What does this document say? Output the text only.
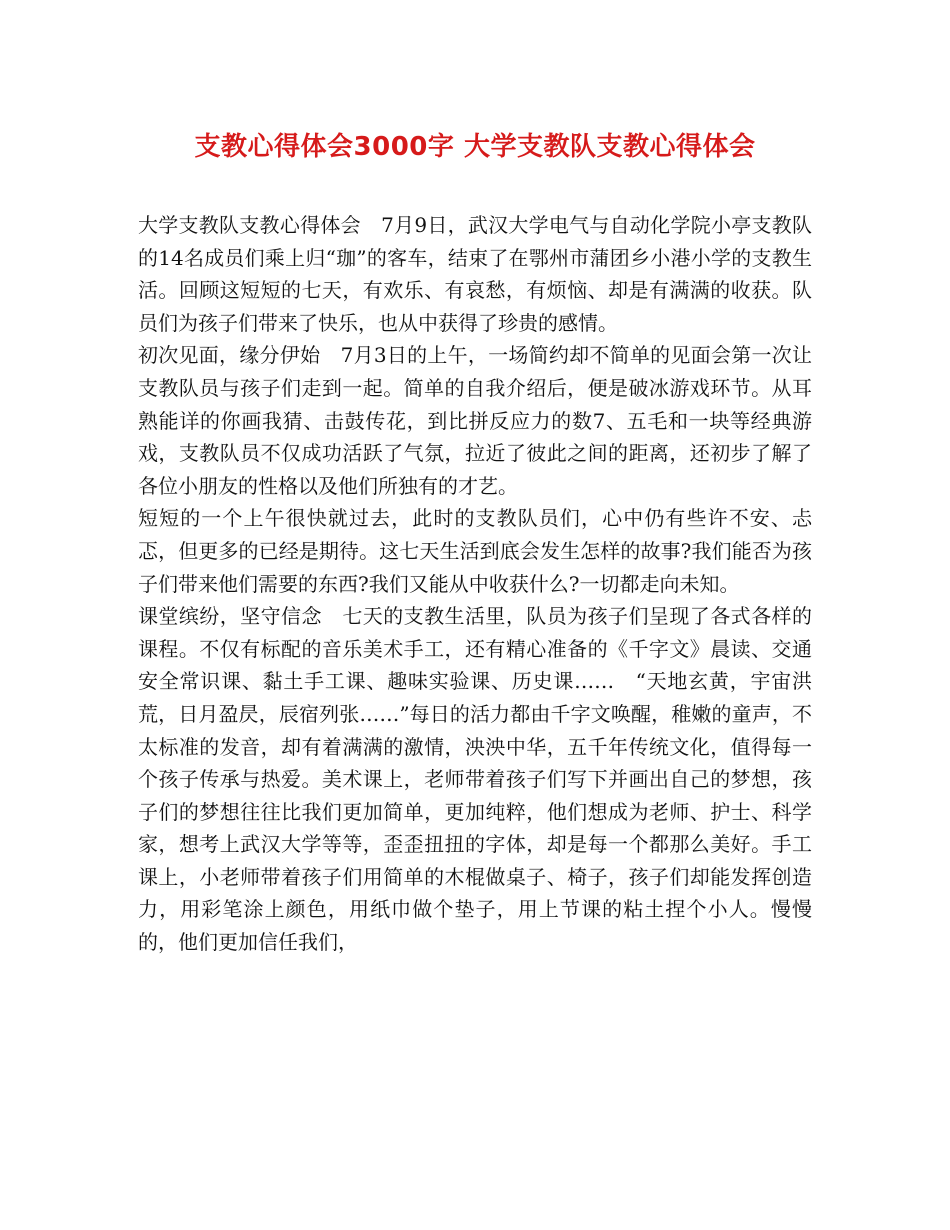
支教心得体会3000字 大学支教队支教心得体会

大学支教队支教心得体会　7月9日，武汉大学电气与自动化学院小亭支教队的14名成员们乘上归“珈”的客车，结束了在鄂州市蒲团乡小港小学的支教生活。回顾这短短的七天，有欢乐、有哀愁，有烦恼、却是有满满的收获。队员们为孩子们带来了快乐，也从中获得了珍贵的感情。

初次见面，缘分伊始　7月3日的上午，一场简约却不简单的见面会第一次让支教队员与孩子们走到一起。简单的自我介绍后，便是破冰游戏环节。从耳熟能详的你画我猜、击鼓传花，到比拼反应力的数7、五毛和一块等经典游戏，支教队员不仅成功活跃了气氛，拉近了彼此之间的距离，还初步了解了各位小朋友的性格以及他们所独有的才艺。

短短的一个上午很快就过去，此时的支教队员们，心中仍有些许不安、忐忑，但更多的已经是期待。这七天生活到底会发生怎样的故事?我们能否为孩子们带来他们需要的东西?我们又能从中收获什么?一切都走向未知。

课堂缤纷，坚守信念　七天的支教生活里，队员为孩子们呈现了各式各样的课程。不仅有标配的音乐美术手工，还有精心准备的《千字文》晨读、交通安全常识课、黏土手工课、趣味实验课、历史课……　“天地玄黄，宇宙洪荒，日月盈昃，辰宿列张……”每日的活力都由千字文唤醒，稚嫩的童声，不太标准的发音，却有着满满的激情，泱泱中华，五千年传统文化，值得每一个孩子传承与热爱。美术课上，老师带着孩子们写下并画出自己的梦想，孩子们的梦想往往比我们更加简单，更加纯粹，他们想成为老师、护士、科学家，想考上武汉大学等等，歪歪扭扭的字体，却是每一个都那么美好。手工课上，小老师带着孩子们用简单的木棍做桌子、椅子，孩子们却能发挥创造力，用彩笔涂上颜色，用纸巾做个垫子，用上节课的粘土捏个小人。慢慢的，他们更加信任我们，
